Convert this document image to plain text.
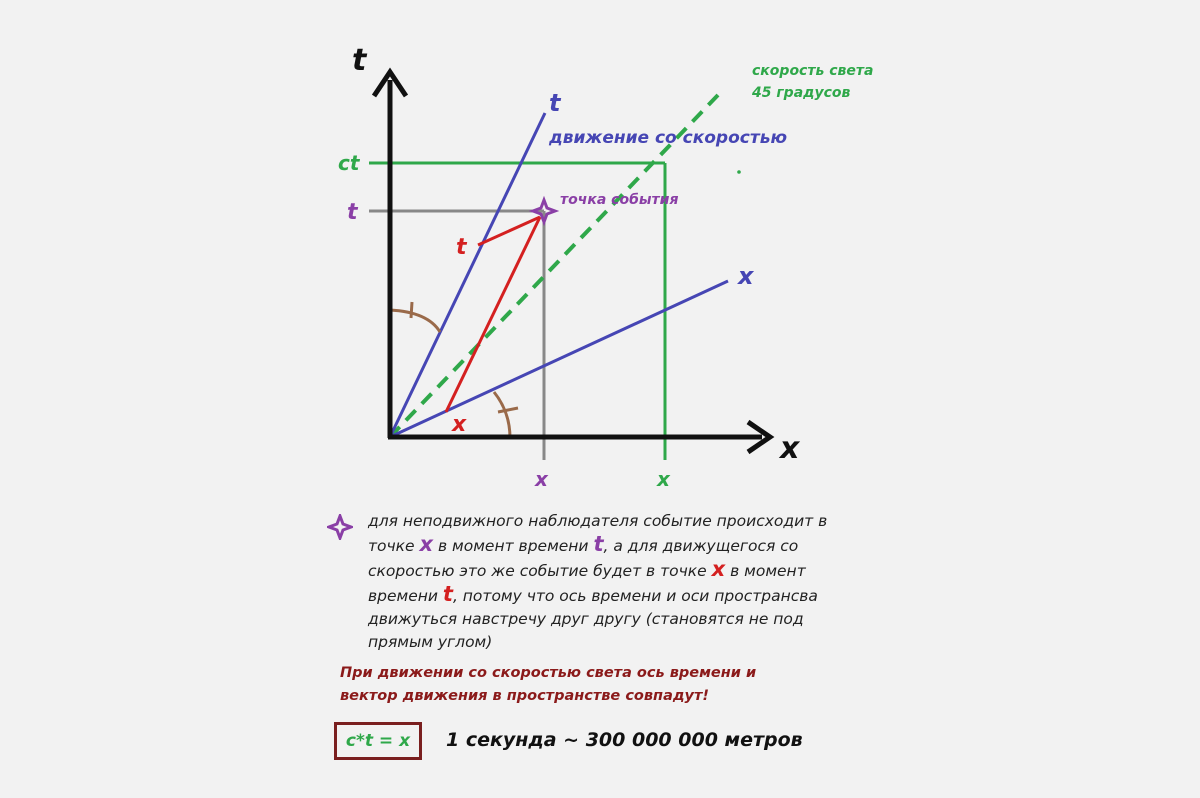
t
x
t
x
скорость света
45 градусов
движение со скоростью
точка события
ct
t
t
x
x	x
для неподвижного наблюдателя событие происходит в точке x в момент времени t, а для движущегося со скоростью это же событие будет в точке x в момент времени t, потому что ось времени и оси пространсва движуться навстречу друг другу (становятся не под прямым углом)
При движении со скоростью света ось времени и
вектор движения в пространстве совпадут!
c*t = x 1 секунда ~ 300 000 000 метров
